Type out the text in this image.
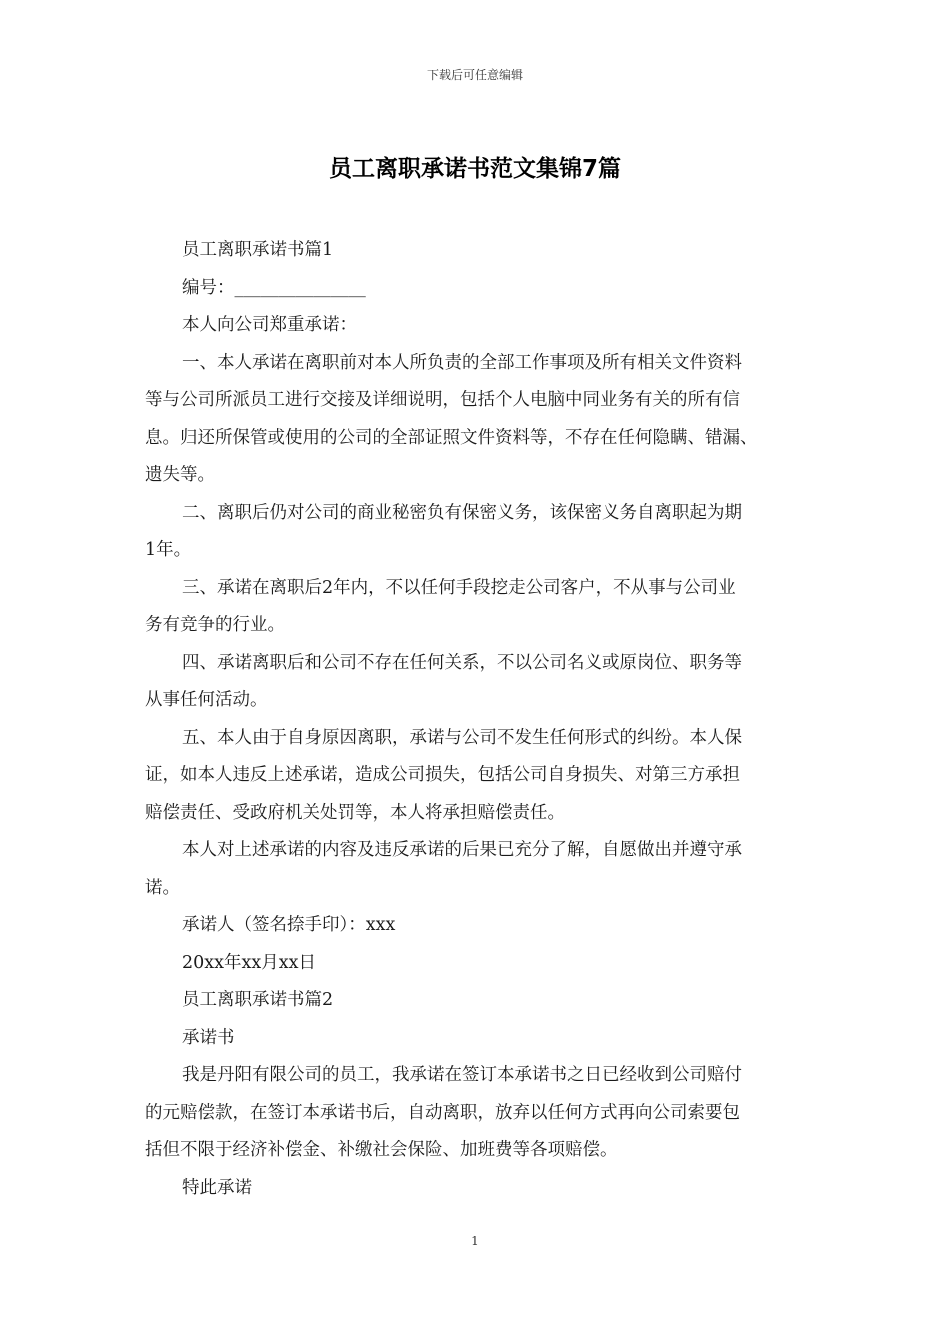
下载后可任意编辑
员工离职承诺书范文集锦7篇

员工离职承诺书篇1

编号：_______________

本人向公司郑重承诺：

一、本人承诺在离职前对本人所负责的全部工作事项及所有相关文件资料

等与公司所派员工进行交接及详细说明，包括个人电脑中同业务有关的所有信

息。归还所保管或使用的公司的全部证照文件资料等，不存在任何隐瞒、错漏、

遗失等。

二、离职后仍对公司的商业秘密负有保密义务，该保密义务自离职起为期

1年。

三、承诺在离职后2年内，不以任何手段挖走公司客户，不从事与公司业

务有竞争的行业。

四、承诺离职后和公司不存在任何关系，不以公司名义或原岗位、职务等

从事任何活动。

五、本人由于自身原因离职，承诺与公司不发生任何形式的纠纷。本人保

证，如本人违反上述承诺，造成公司损失，包括公司自身损失、对第三方承担

赔偿责任、受政府机关处罚等，本人将承担赔偿责任。

本人对上述承诺的内容及违反承诺的后果已充分了解，自愿做出并遵守承

诺。

承诺人（签名捺手印）：xxx

20xx年xx月xx日

员工离职承诺书篇2

承诺书

我是丹阳有限公司的员工，我承诺在签订本承诺书之日已经收到公司赔付

的元赔偿款，在签订本承诺书后，自动离职，放弃以任何方式再向公司索要包

括但不限于经济补偿金、补缴社会保险、加班费等各项赔偿。

特此承诺

1
